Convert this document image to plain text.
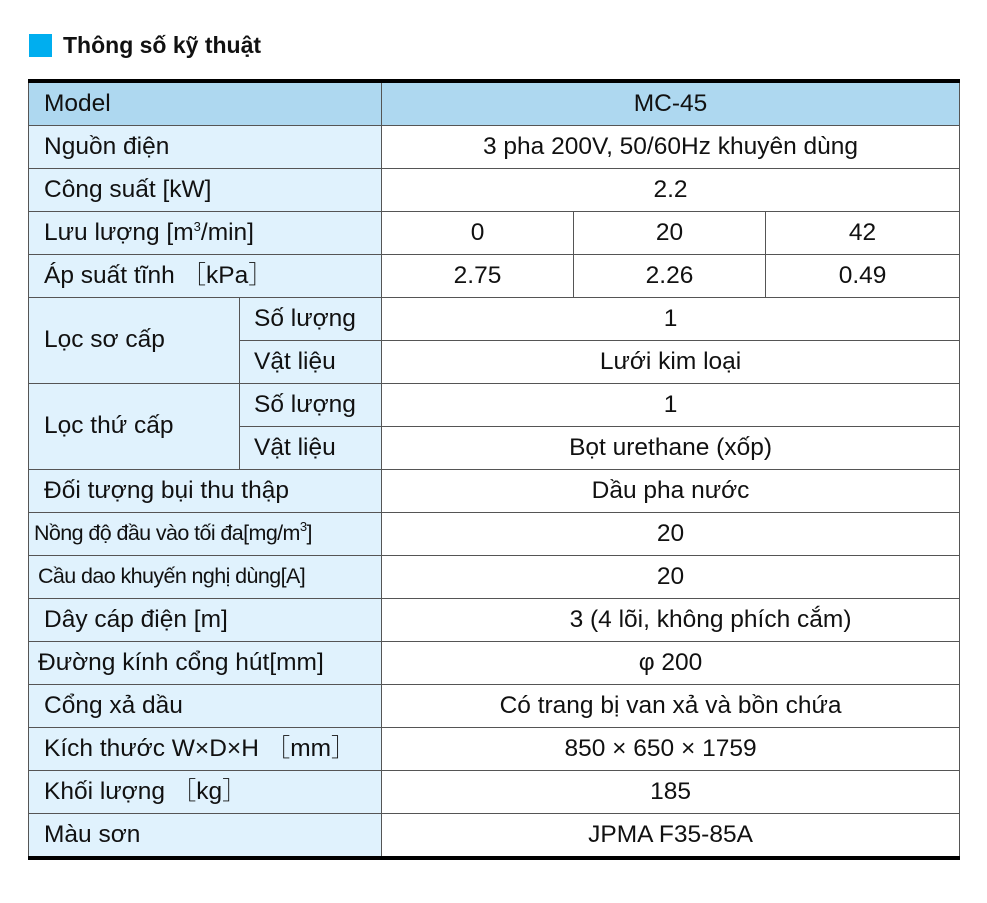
Thông số kỹ thuật
Model		MC-45		
Nguồn điện		3 pha 200V, 50/60Hz khuyên dùng		
Công suất [kW]		2.2		
Lưu lượng $[m^3/\min]$		0	20	42
Áp suất tĩnh ［kPa］		2.75	2.26	0.49
Lọc sơ cấp	Số lượng	1		
	Vật liệu	Lưới kim loại		
Lọc thứ cấp	Số lượng	1		
	Vật liệu	Bọt urethane (xốp)		
Đối tượng bụi thu thập		Dầu pha nước		
Nồng độ đầu vào tối $đa[mg/m^3]$		20		
Cầu dao khuyến nghị dùng[A]		20		
Dây cáp điện [m]		3 (4 lõi, không phích cắm)		
Đường kính cổng hút[mm]		φ 200		
Cổng xả dầu		Có trang bị van xả và bồn chứa		
Kích thước W×D×H ［mm］		850 × 650 × 1759		
Khối lượng ［kg］		185		
Màu sơn		JPMA F35-85A		
